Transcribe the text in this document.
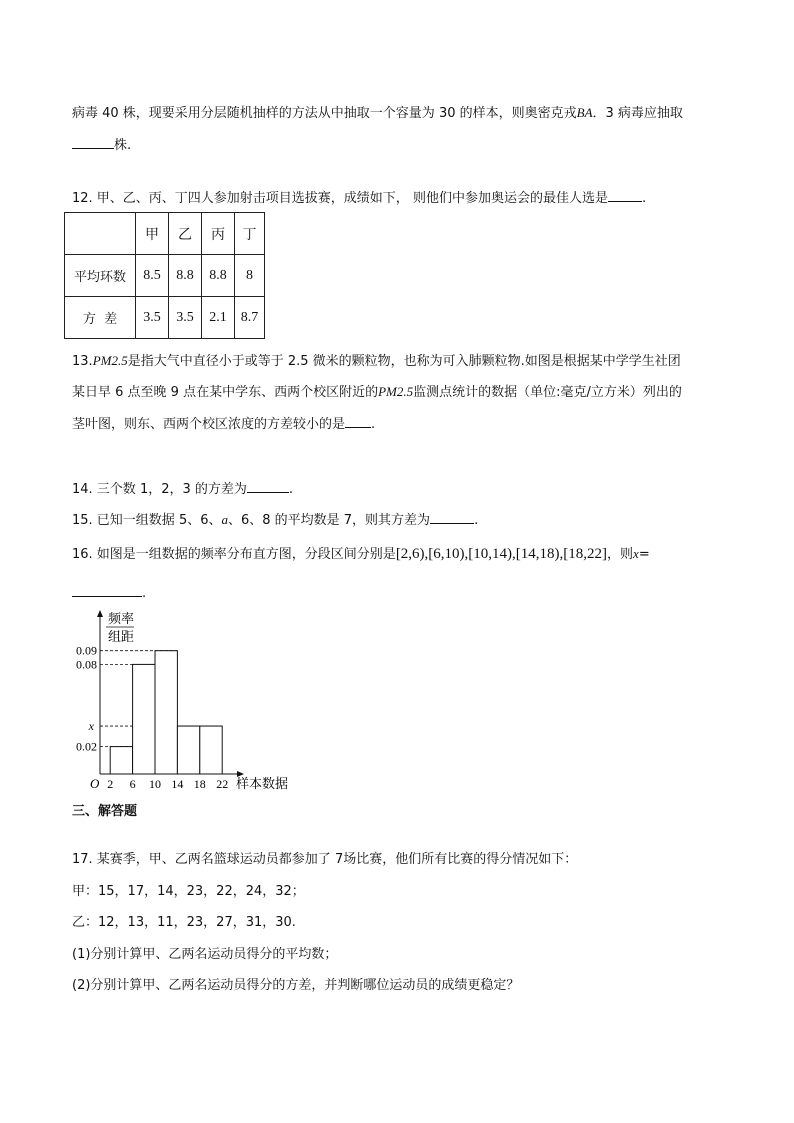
病毒 40 株，现要采用分层随机抽样的方法从中抽取一个容量为 30 的样本，则奥密克戎BA．3 病毒应抽取
株.
12. 甲、乙、丙、丁四人参加射击项目选拔赛，成绩如下， 则他们中参加奥运会的最佳人选是	.
	甲	乙	丙	丁
平均环数	8.5	8.8	8.8	8
方  差	3.5	3.5	2.1	8.7
13.PM2.5是指大气中直径小于或等于 2.5 微米的颗粒物，也称为可入肺颗粒物.如图是根据某中学学生社团
某日早 6 点至晚 9 点在某中学东、西两个校区附近的PM2.5监测点统计的数据（单位:毫克/立方米）列出的
茎叶图，则东、西两个校区浓度的方差较小的是 .
14. 三个数 1，2，3 的方差为	.
15. 已知一组数据 5、6、a、6、8 的平均数是 7，则其方差为	.
16. 如图是一组数据的频率分布直方图，分段区间分别是[2,6),[6,10),[10,14),[14,18),[18,22]，则x=
.
频率
组距
0.09
0.08
x
0.02
O 2 6 10 14 18 22 样本数据
三、解答题
17. 某赛季，甲、乙两名篮球运动员都参加了 7场比赛，他们所有比赛的得分情况如下：
甲：15，17，14，23，22，24，32；
乙：12，13，11，23，27，31，30.
(1)分别计算甲、乙两名运动员得分的平均数；
(2)分别计算甲、乙两名运动员得分的方差，并判断哪位运动员的成绩更稳定？
